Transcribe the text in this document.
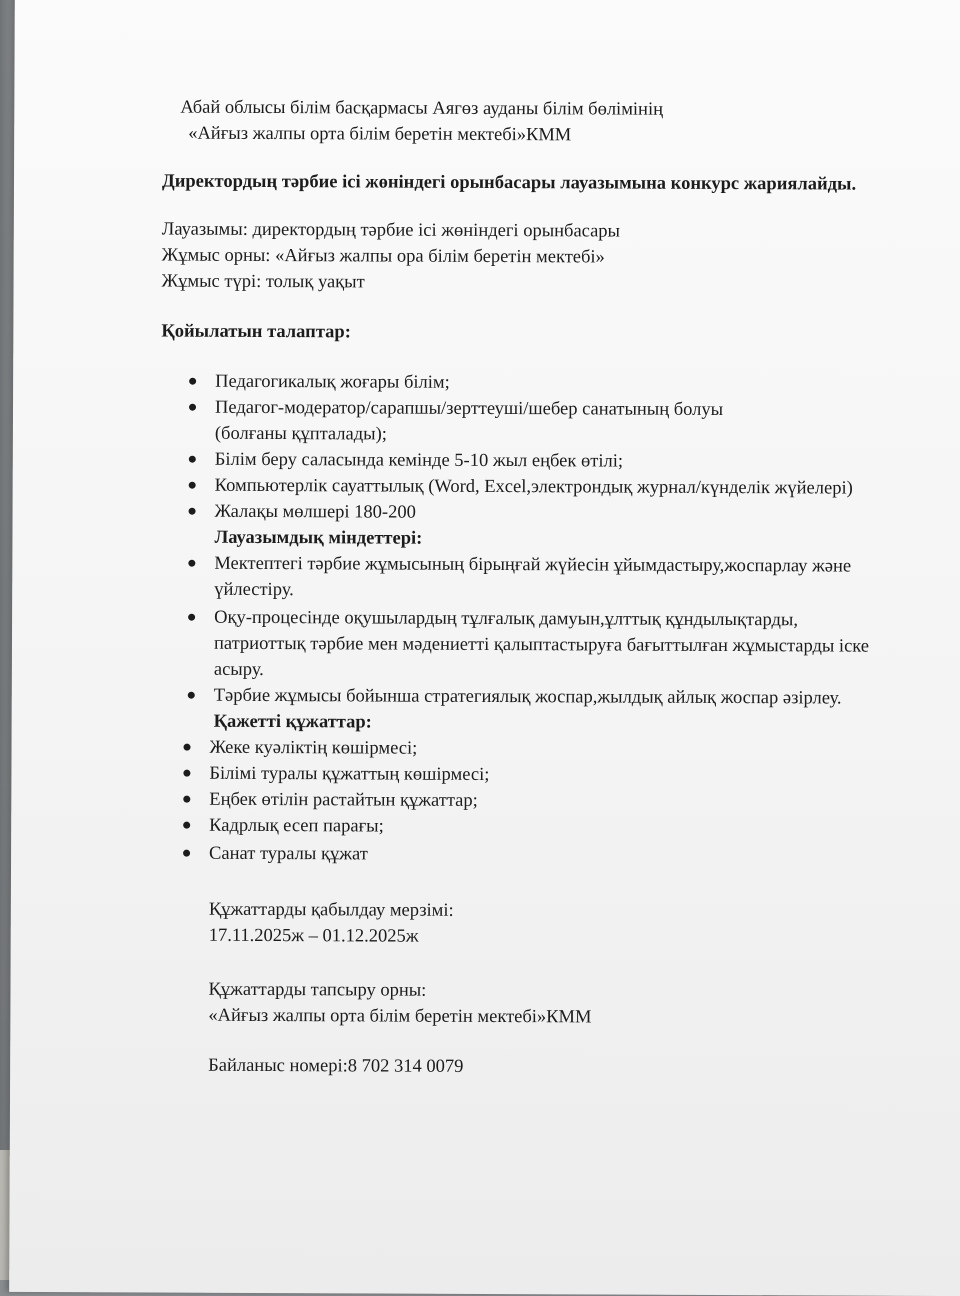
Абай облысы білім басқармасы Аягөз ауданы білім бөлімінің
«Айғыз жалпы орта білім беретін мектебі»КММ
Директордың тәрбие ісі жөніндегі орынбасары лауазымына конкурс жариялайды.
Лауазымы: директордың тәрбие ісі жөніндегі орынбасары
Жұмыс орны: «Айғыз жалпы ора білім беретін мектебі»
Жұмыс түрі: толық уақыт
Қойылатын талаптар:
Педагогикалық жоғары білім;
Педагог-модератор/сарапшы/зерттеуші/шебер санатының болуы
(болғаны құпталады);
Білім беру саласында кемінде 5-10 жыл еңбек өтілі;
Компьютерлік сауаттылық (Word, Excel,электрондық журнал/күнделік жүйелері)
Жалақы мөлшері 180-200
Лауазымдық міндеттері:
Мектептегі тәрбие жұмысының бірыңғай жүйесін ұйымдастыру,жоспарлау және
үйлестіру.
Оқу-процесінде оқушылардың тұлғалық дамуын,ұлттық құндылықтарды,
патриоттық тәрбие мен мәдениетті қалыптастыруға бағыттылған жұмыстарды іске
асыру.
Тәрбие жұмысы бойынша стратегиялық жоспар,жылдық айлық жоспар әзірлеу.
Қажетті құжаттар:
Жеке куәліктің көшірмесі;
Білімі туралы құжаттың көшірмесі;
Еңбек өтілін растайтын құжаттар;
Кадрлық есеп парағы;
Санат туралы құжат
Құжаттарды қабылдау мерзімі:
17.11.2025ж – 01.12.2025ж
Құжаттарды тапсыру орны:
«Айғыз жалпы орта білім беретін мектебі»КММ
Байланыс номері:8 702 314 0079
